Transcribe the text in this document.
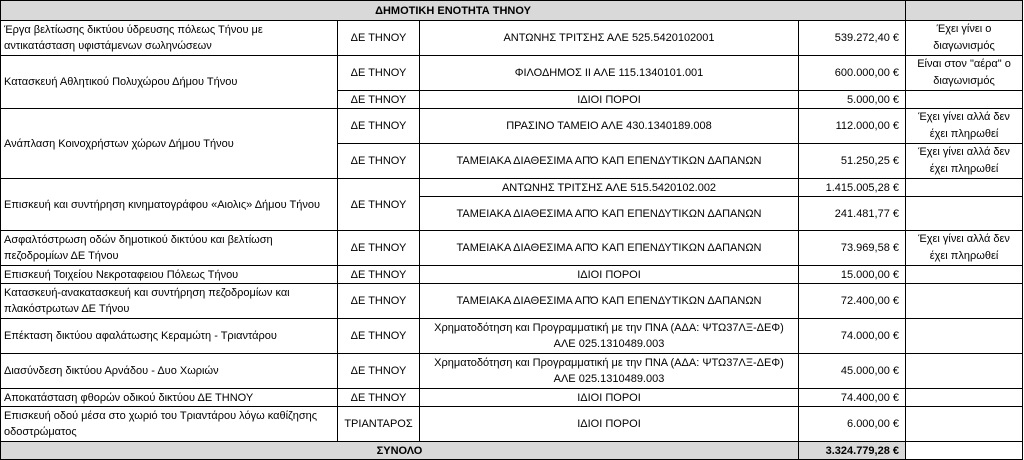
ΔΗΜΟΤΙΚΗ ΕΝΟΤΗΤΑ ΤΗΝΟΥ				
Έργα βελτίωσης δικτύου ύδρευσης πόλεως Τήνου με αντικατάσταση υφιστάμενων σωληνώσεων	ΔΕ ΤΗΝΟΥ	ΑΝΤΩΝΗΣ ΤΡΙΤΣΗΣ ΑΛΕ 525.5420102001	539.272,40 €	Έχει γίνει ο διαγωνισμός
Κατασκευή Αθλητικού Πολυχώρου Δήμου Τήνου	ΔΕ ΤΗΝΟΥ	ΦΙΛΟΔΗΜΟΣ ΙΙ ΑΛΕ 115.1340101.001	600.000,00 €	Είναι στον "αέρα" ο διαγωνισμός
	ΔΕ ΤΗΝΟΥ	ΙΔΙΟΙ ΠΟΡΟΙ	5.000,00 €	
Ανάπλαση Κοινοχρήστων χώρων Δήμου Τήνου	ΔΕ ΤΗΝΟΥ	ΠΡΑΣΙΝΟ ΤΑΜΕΙΟ ΑΛΕ 430.1340189.008	112.000,00 €	Έχει γίνει αλλά δεν έχει πληρωθεί
	ΔΕ ΤΗΝΟΥ	ΤΑΜΕΙΑΚΑ ΔΙΑΘΕΣΙΜΑ ΑΠΌ ΚΑΠ ΕΠΕΝΔΥΤΙΚΩΝ ΔΑΠΑΝΩΝ	51.250,25 €	Έχει γίνει αλλά δεν έχει πληρωθεί
Επισκευή και συντήρηση κινηματογράφου «Αιολις» Δήμου Τήνου	ΔΕ ΤΗΝΟΥ	ΑΝΤΩΝΗΣ ΤΡΙΤΣΗΣ ΑΛΕ 515.5420102.002	1.415.005,28 €	
		ΤΑΜΕΙΑΚΑ ΔΙΑΘΕΣΙΜΑ ΑΠΌ ΚΑΠ ΕΠΕΝΔΥΤΙΚΩΝ ΔΑΠΑΝΩΝ	241.481,77 €	
Ασφαλτόστρωση οδών δημοτικού δικτύου και βελτίωση πεζοδρομίων ΔΕ Τήνου	ΔΕ ΤΗΝΟΥ	ΤΑΜΕΙΑΚΑ ΔΙΑΘΕΣΙΜΑ ΑΠΌ ΚΑΠ ΕΠΕΝΔΥΤΙΚΩΝ ΔΑΠΑΝΩΝ	73.969,58 €	Έχει γίνει αλλά δεν έχει πληρωθεί
Επισκευή Τοιχείου Νεκροταφειου Πόλεως Τήνου	ΔΕ ΤΗΝΟΥ	ΙΔΙΟΙ ΠΟΡΟΙ	15.000,00 €	
Κατασκευή-ανακατασκευή και συντήρηση πεζοδρομίων και πλακόστρωτων ΔΕ Τήνου	ΔΕ ΤΗΝΟΥ	ΤΑΜΕΙΑΚΑ ΔΙΑΘΕΣΙΜΑ ΑΠΌ ΚΑΠ ΕΠΕΝΔΥΤΙΚΩΝ ΔΑΠΑΝΩΝ	72.400,00 €	
Επέκταση δικτύου αφαλάτωσης Κεραμώτη - Τριαντάρου	ΔΕ ΤΗΝΟΥ	Χρηματοδότηση και Προγραμματική με την ΠΝΑ (ΑΔΑ: ΨΤΩ37ΛΞ-ΔΕΦ) ΑΛΕ 025.1310489.003	74.000,00 €	
Διασύνδεση δικτύου Αρνάδου - Δυο Χωριών	ΔΕ ΤΗΝΟΥ	Χρηματοδότηση και Προγραμματική με την ΠΝΑ (ΑΔΑ: ΨΤΩ37ΛΞ-ΔΕΦ) ΑΛΕ 025.1310489.003	45.000,00 €	
Αποκατάσταση φθορών οδικού δικτύου ΔΕ ΤΗΝΟΥ	ΔΕ ΤΗΝΟΥ	ΙΔΙΟΙ ΠΟΡΟΙ	74.400,00 €	
Επισκευή οδού μέσα στο χωριό του Τριαντάρου λόγω καθίζησης οδοστρώματος	ΤΡΙΑΝΤΑΡΟΣ	ΙΔΙΟΙ ΠΟΡΟΙ	6.000,00 €	
ΣΥΝΟΛΟ			3.324.779,28 €	
